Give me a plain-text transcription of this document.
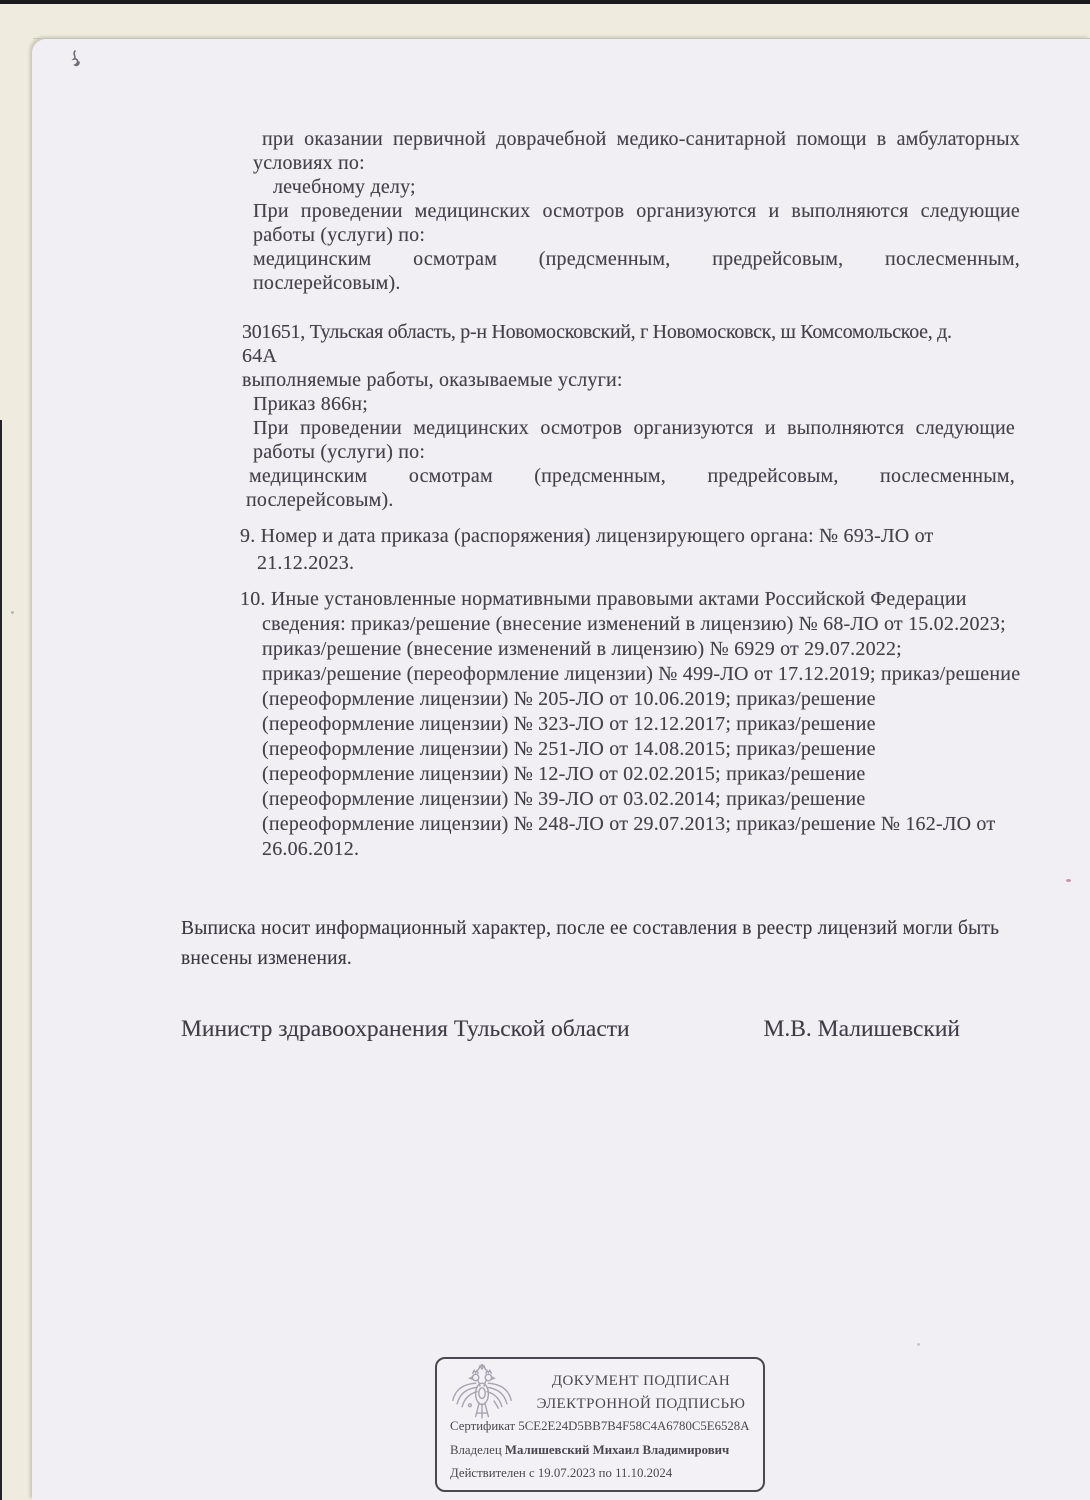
при оказании первичной доврачебной медико-санитарной помощи в амбулаторных
условиях по:
лечебному делу;
При проведении медицинских осмотров организуются и выполняются следующие
работы (услуги) по:
медицинским осмотрам (предсменным, предрейсовым, послесменным,
послерейсовым).
301651, Тульская область, р-н Новомосковский, г Новомосковск, ш Комсомольское, д.
64А
выполняемые работы, оказываемые услуги:
Приказ 866н;
При проведении медицинских осмотров организуются и выполняются следующие
работы (услуги) по:
медицинским осмотрам (предсменным, предрейсовым, послесменным,
послерейсовым).
9. Номер и дата приказа (распоряжения) лицензирующего органа: № 693-ЛО от
21.12.2023.
10. Иные установленные нормативными правовыми актами Российской Федерации
сведения: приказ/решение (внесение изменений в лицензию) № 68-ЛО от 15.02.2023;
приказ/решение (внесение изменений в лицензию) № 6929 от 29.07.2022;
приказ/решение (переоформление лицензии) № 499-ЛО от 17.12.2019; приказ/решение
(переоформление лицензии) № 205-ЛО от 10.06.2019; приказ/решение
(переоформление лицензии) № 323-ЛО от 12.12.2017; приказ/решение
(переоформление лицензии) № 251-ЛО от 14.08.2015; приказ/решение
(переоформление лицензии) № 12-ЛО от 02.02.2015; приказ/решение
(переоформление лицензии) № 39-ЛО от 03.02.2014; приказ/решение
(переоформление лицензии) № 248-ЛО от 29.07.2013; приказ/решение № 162-ЛО от
26.06.2012.
Выписка носит информационный характер, после ее составления в реестр лицензий могли быть
внесены изменения.
Министр здравоохранения Тульской области	М.В. Малишевский
ДОКУМЕНТ ПОДПИСАН
ЭЛЕКТРОННОЙ ПОДПИСЬЮ
Сертификат 5CE2E24D5BB7B4F58C4A6780C5E6528A
Владелец Малишевский Михаил Владимирович
Действителен с 19.07.2023 по 11.10.2024
